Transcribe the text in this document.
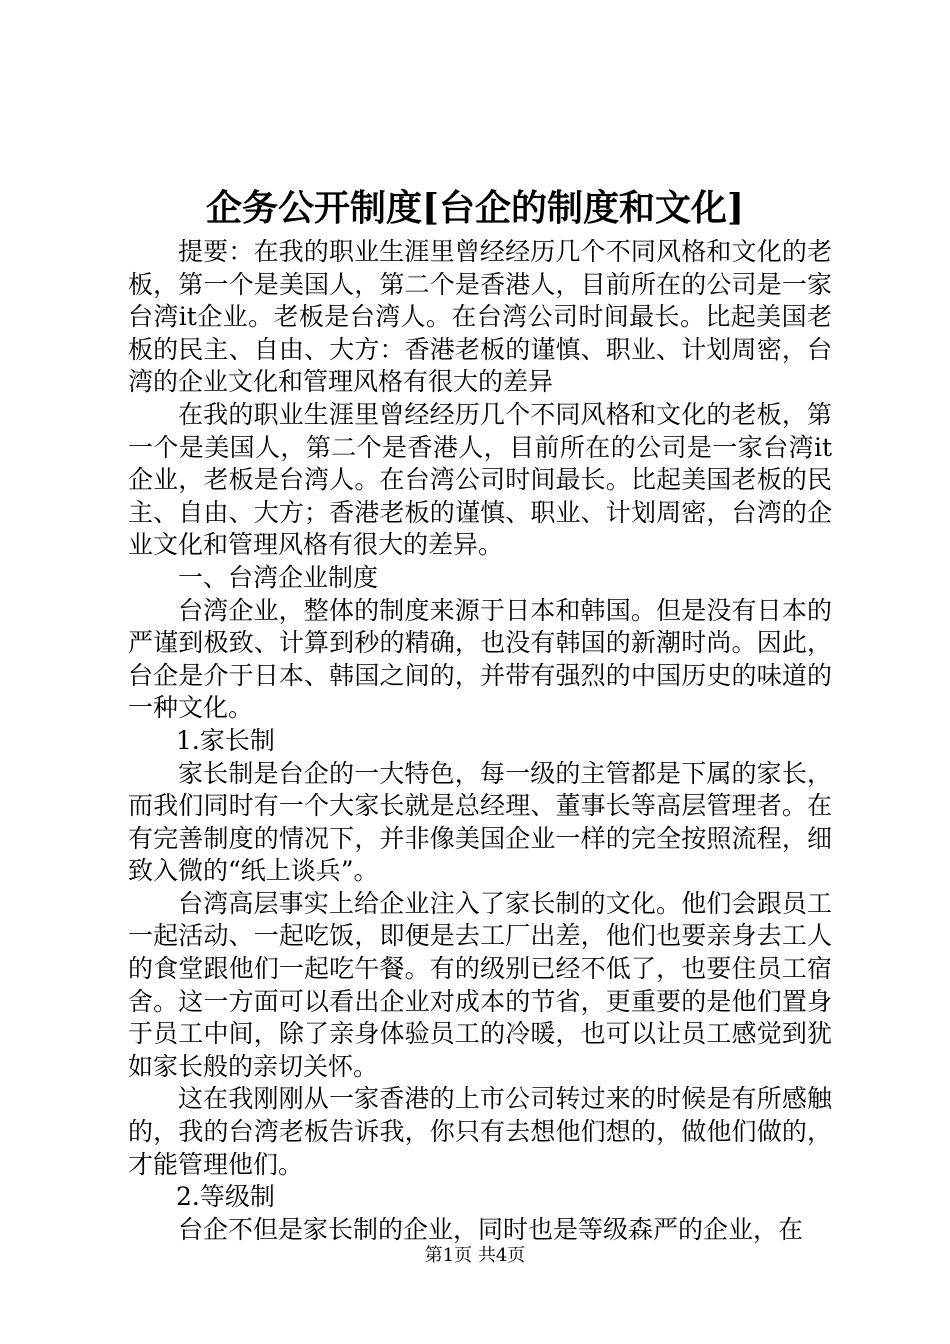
企务公开制度[台企的制度和文化]

提要：在我的职业生涯里曾经经历几个不同风格和文化的老板，第一个是美国人，第二个是香港人，目前所在的公司是一家台湾it企业。老板是台湾人。在台湾公司时间最长。比起美国老板的民主、自由、大方：香港老板的谨慎、职业、计划周密，台湾的企业文化和管理风格有很大的差异

在我的职业生涯里曾经经历几个不同风格和文化的老板，第一个是美国人，第二个是香港人，目前所在的公司是一家台湾it企业，老板是台湾人。在台湾公司时间最长。比起美国老板的民主、自由、大方；香港老板的谨慎、职业、计划周密，台湾的企业文化和管理风格有很大的差异。

一、台湾企业制度

台湾企业，整体的制度来源于日本和韩国。但是没有日本的严谨到极致、计算到秒的精确，也没有韩国的新潮时尚。因此，台企是介于日本、韩国之间的，并带有强烈的中国历史的味道的一种文化。

1.家长制

家长制是台企的一大特色，每一级的主管都是下属的家长，而我们同时有一个大家长就是总经理、董事长等高层管理者。在有完善制度的情况下，并非像美国企业一样的完全按照流程，细致入微的“纸上谈兵”。

台湾高层事实上给企业注入了家长制的文化。他们会跟员工一起活动、一起吃饭，即便是去工厂出差，他们也要亲身去工人的食堂跟他们一起吃午餐。有的级别已经不低了，也要住员工宿舍。这一方面可以看出企业对成本的节省，更重要的是他们置身于员工中间，除了亲身体验员工的冷暖，也可以让员工感觉到犹如家长般的亲切关怀。

这在我刚刚从一家香港的上市公司转过来的时候是有所感触的，我的台湾老板告诉我，你只有去想他们想的，做他们做的，才能管理他们。

2.等级制

台企不但是家长制的企业，同时也是等级森严的企业，在

第1页 共4页
